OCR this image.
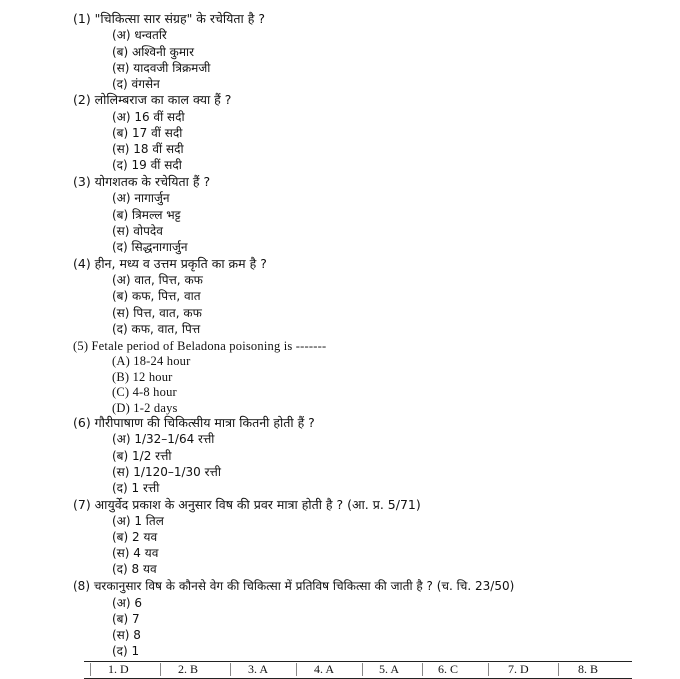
(1) "चिकित्सा सार संग्रह" के रचेयिता है ?
(अ) धन्वतरि
(ब) अश्विनी कुमार
(स) यादवजी त्रिक्रमजी
(द) वंगसेन
(2) लोलिम्बराज का काल क्या हैं ?
(अ) 16 वीं सदी
(ब) 17 वीं सदी
(स) 18 वीं सदी
(द) 19 वीं सदी
(3) योगशतक के रचेयिता हैं ?
(अ) नागार्जुन
(ब) त्रिमल्ल भट्ट
(स) वोपदेव
(द) सिद्धनागार्जुन
(4) हीन, मध्य व उत्तम प्रकृति का क्रम है ?
(अ) वात, पित्त, कफ
(ब) कफ, पित्त, वात
(स) पित्त, वात, कफ
(द) कफ, वात, पित्त
(5) Fetale period of Beladona poisoning is -------
(A) 18-24 hour
(B) 12 hour
(C) 4-8 hour
(D) 1-2 days
(6) गौरीपाषाण की चिकित्सीय मात्रा कितनी होती हैं ?
(अ) 1/32–1/64 रत्ती
(ब) 1/2 रत्ती
(स) 1/120–1/30 रत्ती
(द) 1 रत्ती
(7) आयुर्वेद प्रकाश के अनुसार विष की प्रवर मात्रा होती है ? (आ. प्र. 5/71)
(अ) 1 तिल
(ब) 2 यव
(स) 4 यव
(द) 8 यव
(8) चरकानुसार विष के कौनसे वेग की चिकित्सा में प्रतिविष चिकित्सा की जाती है ? (च. चि. 23/50)
(अ) 6
(ब) 7
(स) 8
(द) 1
1. D	2. B	3. A	4. A	5. A	6. C	7. D	8. B
